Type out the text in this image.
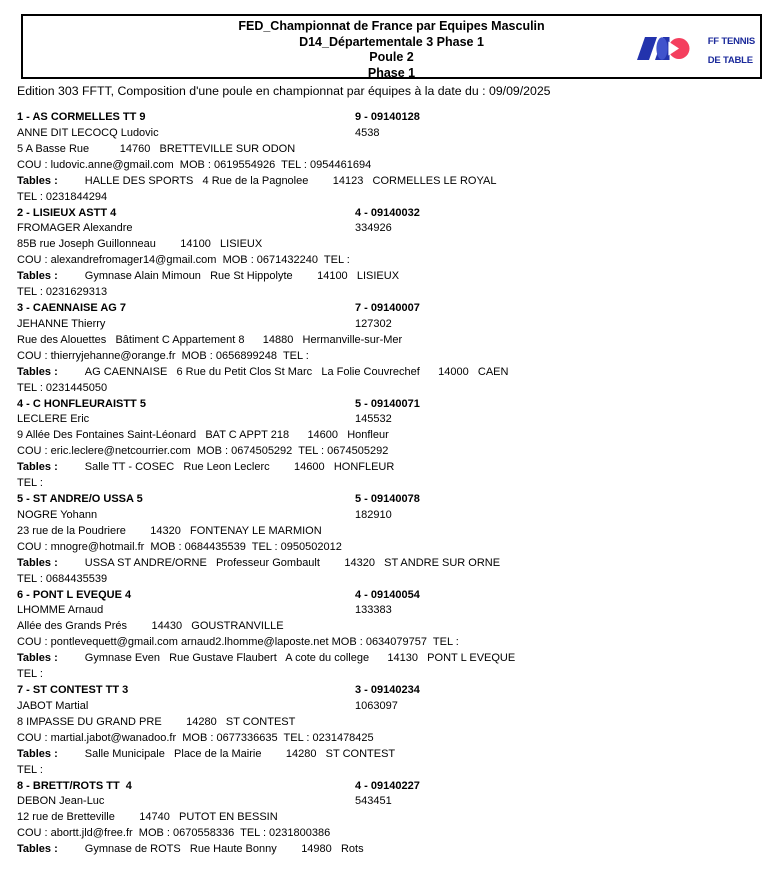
FED_Championnat de France par Equipes Masculin
D14_Départementale 3 Phase 1
Poule 2
Phase 1

FF TENNIS

DE TABLE

Edition 303 FFTT, Composition d'une poule en championnat par équipes à la date du : 09/09/2025
1 - AS CORMELLES TT 9	9 - 09140128
ANNE DIT LECOCQ Ludovic	4538
5 A Basse Rue          14760   BRETTEVILLE SUR ODON
COU : ludovic.anne@gmail.com  MOB : 0619554926  TEL : 0954461694
Tables : HALLE DES SPORTS   4 Rue de la Pagnolee        14123   CORMELLES LE ROYAL
TEL : 0231844294
2 - LISIEUX ASTT 4	4 - 09140032
FROMAGER Alexandre	334926
85B rue Joseph Guillonneau        14100   LISIEUX
COU : alexandrefromager14@gmail.com  MOB : 0671432240  TEL :
Tables : Gymnase Alain Mimoun   Rue St Hippolyte        14100   LISIEUX
TEL : 0231629313
3 - CAENNAISE AG 7	7 - 09140007
JEHANNE Thierry	127302
Rue des Alouettes   Bâtiment C Appartement 8      14880   Hermanville-sur-Mer
COU : thierryjehanne@orange.fr  MOB : 0656899248  TEL :
Tables : AG CAENNAISE   6 Rue du Petit Clos St Marc   La Folie Couvrechef      14000   CAEN
TEL : 0231445050
4 - C HONFLEURAISTT 5	5 - 09140071
LECLERE Eric	145532
9 Allée Des Fontaines Saint-Léonard   BAT C APPT 218      14600   Honfleur
COU : eric.leclere@netcourrier.com  MOB : 0674505292  TEL : 0674505292
Tables : Salle TT - COSEC   Rue Leon Leclerc        14600   HONFLEUR
TEL :
5 - ST ANDRE/O USSA 5	5 - 09140078
NOGRE Yohann	182910
23 rue de la Poudriere        14320   FONTENAY LE MARMION
COU : mnogre@hotmail.fr  MOB : 0684435539  TEL : 0950502012
Tables : USSA ST ANDRE/ORNE   Professeur Gombault        14320   ST ANDRE SUR ORNE
TEL : 0684435539
6 - PONT L EVEQUE 4	4 - 09140054
LHOMME Arnaud	133383
Allée des Grands Prés        14430   GOUSTRANVILLE
COU : pontlevequett@gmail.com arnaud2.lhomme@laposte.net MOB : 0634079757  TEL :
Tables : Gymnase Even   Rue Gustave Flaubert   A cote du college      14130   PONT L EVEQUE
TEL :
7 - ST CONTEST TT 3	3 - 09140234
JABOT Martial	1063097
8 IMPASSE DU GRAND PRE        14280   ST CONTEST
COU : martial.jabot@wanadoo.fr  MOB : 0677336635  TEL : 0231478425
Tables : Salle Municipale   Place de la Mairie        14280   ST CONTEST
TEL :
8 - BRETT/ROTS TT  4	4 - 09140227
DEBON Jean-Luc	543451
12 rue de Bretteville        14740   PUTOT EN BESSIN
COU : abortt.jld@free.fr  MOB : 0670558336  TEL : 0231800386
Tables : Gymnase de ROTS   Rue Haute Bonny        14980   Rots
